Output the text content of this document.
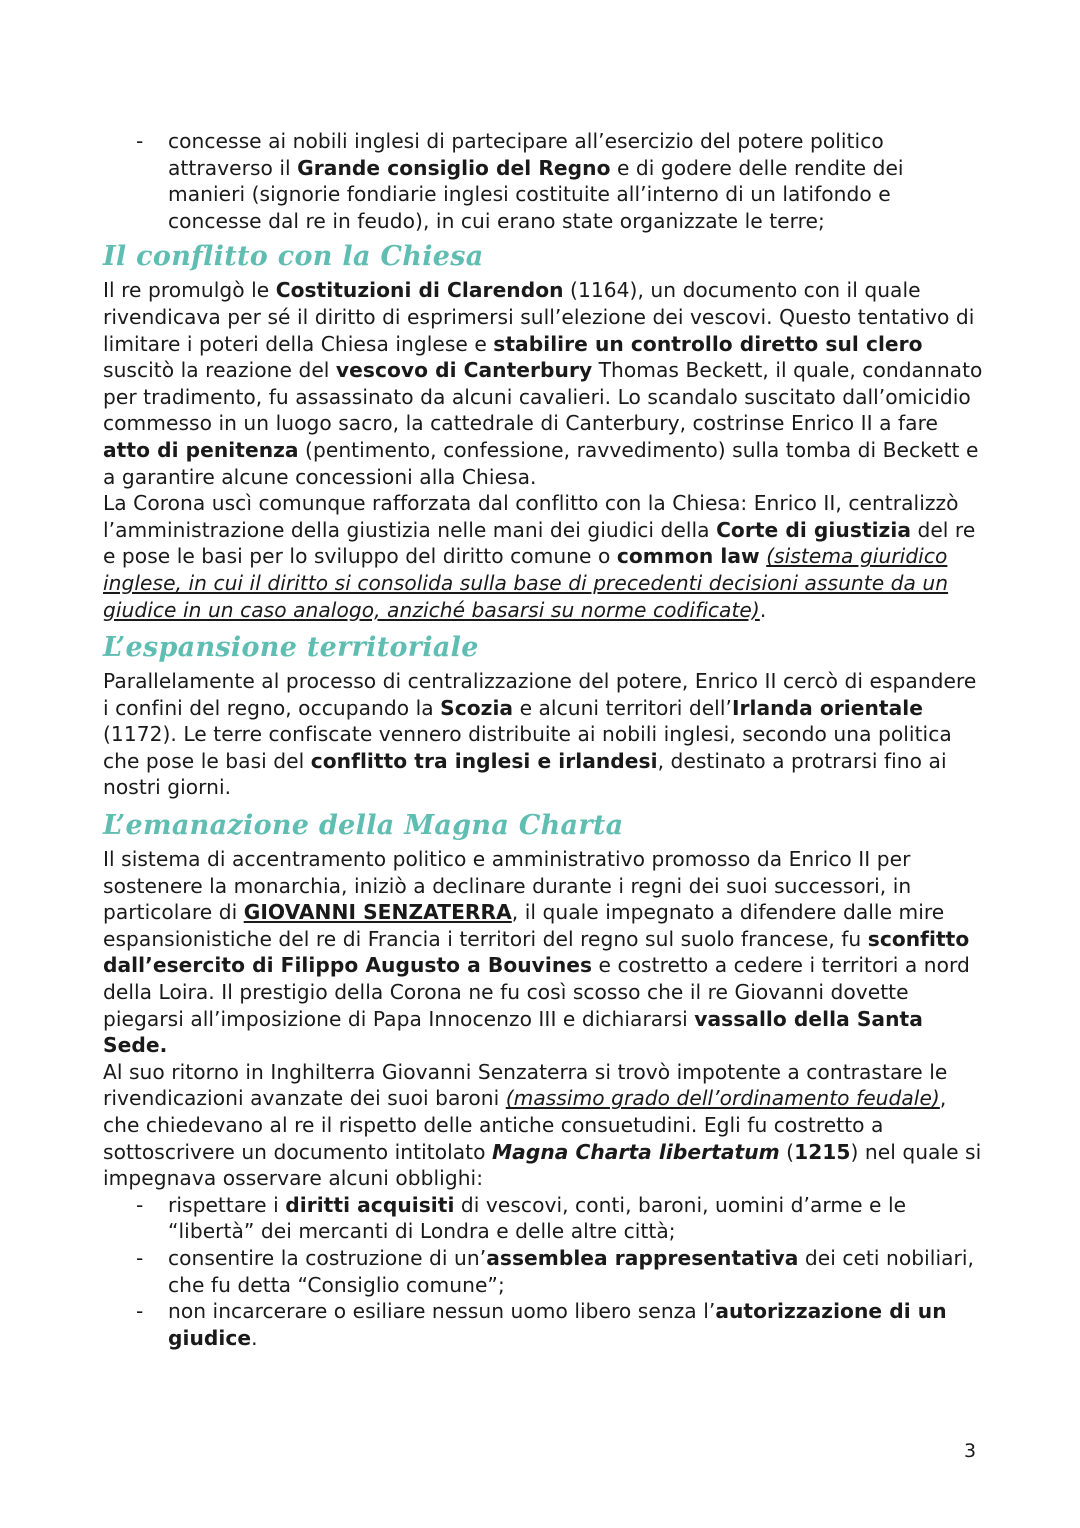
- concesse ai nobili inglesi di partecipare all’esercizio del potere politico attraverso il Grande consiglio del Regno e di godere delle rendite dei manieri (signorie fondiarie inglesi costituite all’interno di un latifondo e concesse dal re in feudo), in cui erano state organizzate le terre;
Il conflitto con la Chiesa

Il re promulgò le Costituzioni di Clarendon (1164), un documento con il quale rivendicava per sé il diritto di esprimersi sull’elezione dei vescovi. Questo tentativo di limitare i poteri della Chiesa inglese e stabilire un controllo diretto sul clero suscitò la reazione del vescovo di Canterbury Thomas Beckett, il quale, condannato per tradimento, fu assassinato da alcuni cavalieri. Lo scandalo suscitato dall’omicidio commesso in un luogo sacro, la cattedrale di Canterbury, costrinse Enrico II a fare atto di penitenza (pentimento, confessione, ravvedimento) sulla tomba di Beckett e a garantire alcune concessioni alla Chiesa.

La Corona uscì comunque rafforzata dal conflitto con la Chiesa: Enrico II, centralizzò l’amministrazione della giustizia nelle mani dei giudici della Corte di giustizia del re e pose le basi per lo sviluppo del diritto comune o common law (sistema giuridico inglese, in cui il diritto si consolida sulla base di precedenti decisioni assunte da un giudice in un caso analogo, anziché basarsi su norme codificate).

L’espansione territoriale

Parallelamente al processo di centralizzazione del potere, Enrico II cercò di espandere i confini del regno, occupando la Scozia e alcuni territori dell’Irlanda orientale (1172). Le terre confiscate vennero distribuite ai nobili inglesi, secondo una politica che pose le basi del conflitto tra inglesi e irlandesi, destinato a protrarsi fino ai nostri giorni.

L’emanazione della Magna Charta

Il sistema di accentramento politico e amministrativo promosso da Enrico II per sostenere la monarchia, iniziò a declinare durante i regni dei suoi successori, in particolare di GIOVANNI SENZATERRA, il quale impegnato a difendere dalle mire espansionistiche del re di Francia i territori del regno sul suolo francese, fu sconfitto dall’esercito di Filippo Augusto a Bouvines e costretto a cedere i territori a nord della Loira. Il prestigio della Corona ne fu così scosso che il re Giovanni dovette piegarsi all’imposizione di Papa Innocenzo III e dichiararsi vassallo della Santa Sede.

Al suo ritorno in Inghilterra Giovanni Senzaterra si trovò impotente a contrastare le rivendicazioni avanzate dei suoi baroni (massimo grado dell’ordinamento feudale), che chiedevano al re il rispetto delle antiche consuetudini. Egli fu costretto a sottoscrivere un documento intitolato Magna Charta libertatum (1215) nel quale si impegnava osservare alcuni obblighi:

- rispettare i diritti acquisiti di vescovi, conti, baroni, uomini d’arme e le “libertà” dei mercanti di Londra e delle altre città;
- consentire la costruzione di un’assemblea rappresentativa dei ceti nobiliari, che fu detta “Consiglio comune”;
- non incarcerare o esiliare nessun uomo libero senza l’autorizzazione di un giudice.
3
